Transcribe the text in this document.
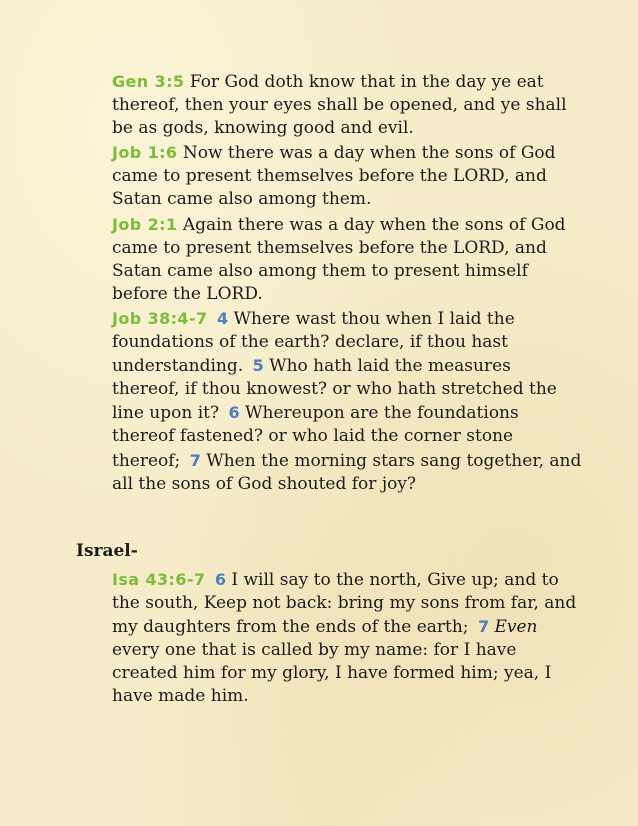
Gen 3:5 For God doth know that in the day ye eat thereof, then your eyes shall be opened, and ye shall be as gods, knowing good and evil.

Job 1:6 Now there was a day when the sons of God came to present themselves before the LORD, and Satan came also among them.

Job 2:1 Again there was a day when the sons of God came to present themselves before the LORD, and Satan came also among them to present himself before the LORD.

Job 38:4-7 4 Where wast thou when I laid the foundations of the earth? declare, if thou hast understanding. 5 Who hath laid the measures thereof, if thou knowest? or who hath stretched the line upon it? 6 Whereupon are the foundations thereof fastened? or who laid the corner stone thereof; 7 When the morning stars sang together, and all the sons of God shouted for joy?

Israel-

Isa 43:6-7 6 I will say to the north, Give up; and to the south, Keep not back: bring my sons from far, and my daughters from the ends of the earth; 7 Even every one that is called by my name: for I have created him for my glory, I have formed him; yea, I have made him.
